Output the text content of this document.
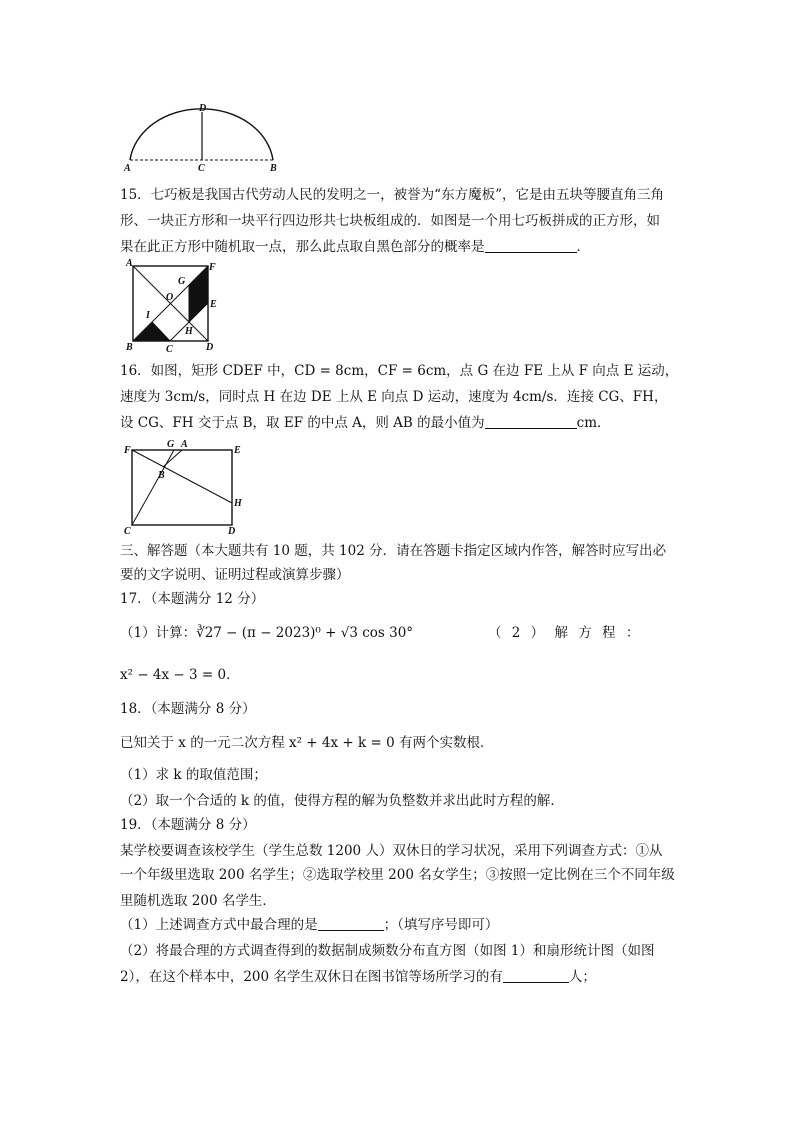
D
A	C	B
15．七巧板是我国古代劳动人民的发明之一，被誉为“东方魔板”，它是由五块等腰直角三角
形、一块正方形和一块平行四边形共七块板组成的．如图是一个用七巧板拼成的正方形，如
果在此正方形中随机取一点，那么此点取自黑色部分的概率是	．
A	F
G
O
E
I
H
B	C	D
16．如图，矩形 CDEF 中，CD = 8cm，CF = 6cm，点 G 在边 FE 上从 F 向点 E 运动，
速度为 3cm/s，同时点 H 在边 DE 上从 E 向点 D 运动，速度为 4cm/s．连接 CG、FH，
设 CG、FH 交于点 B，取 EF 的中点 A，则 AB 的最小值为	cm．
F
G A
E
B
H
C	D
三、解答题（本大题共有 10 题，共 102 分．请在答题卡指定区域内作答，解答时应写出必
要的文字说明、证明过程或演算步骤）
17．（本题满分 12 分）
（1）计算：∛27 − (π − 2023)⁰ + √3 cos 30°	（ 2 ） 解 方 程 ：
x² − 4x − 3 = 0．
18．（本题满分 8 分）
已知关于 x 的一元二次方程 x² + 4x + k = 0 有两个实数根．
（1）求 k 的取值范围；
（2）取一个合适的 k 的值，使得方程的解为负整数并求出此时方程的解．
19．（本题满分 8 分）
某学校要调查该校学生（学生总数 1200 人）双休日的学习状况，采用下列调查方式：①从
一个年级里选取 200 名学生；②选取学校里 200 名女学生；③按照一定比例在三个不同年级
里随机选取 200 名学生．
（1）上述调查方式中最合理的是	；（填写序号即可）
（2）将最合理的方式调查得到的数据制成频数分布直方图（如图 1）和扇形统计图（如图
2），在这个样本中，200 名学生双休日在图书馆等场所学习的有	人；
